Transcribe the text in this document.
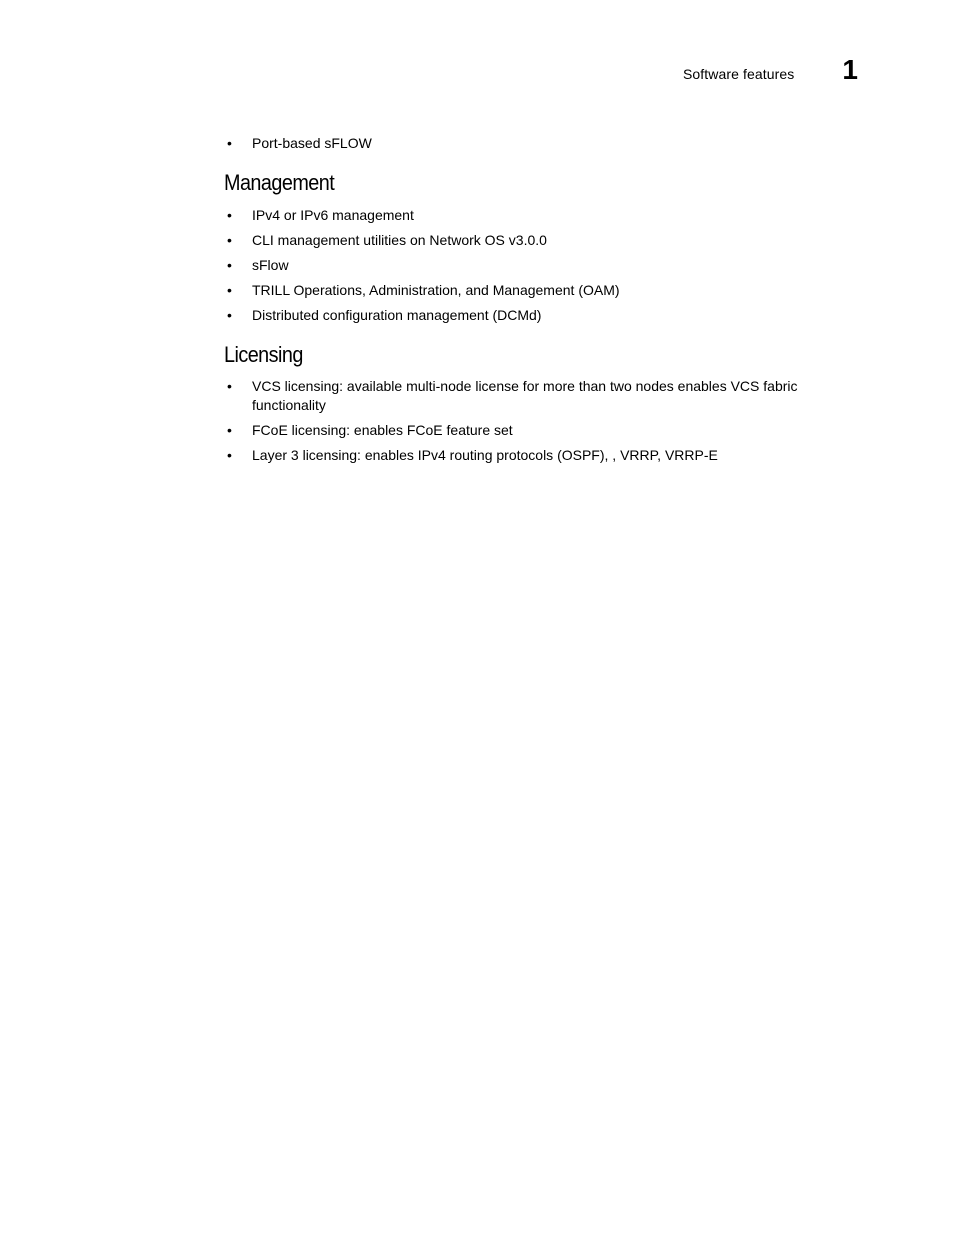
Software features 1
• Port-based sFLOW
Management
• IPv4 or IPv6 management
• CLI management utilities on Network OS v3.0.0
• sFlow
• TRILL Operations, Administration, and Management (OAM)
• Distributed configuration management (DCMd)
Licensing
• VCS licensing: available multi-node license for more than two nodes enables VCS fabric functionality
• FCoE licensing: enables FCoE feature set
• Layer 3 licensing: enables IPv4 routing protocols (OSPF), , VRRP, VRRP-E
